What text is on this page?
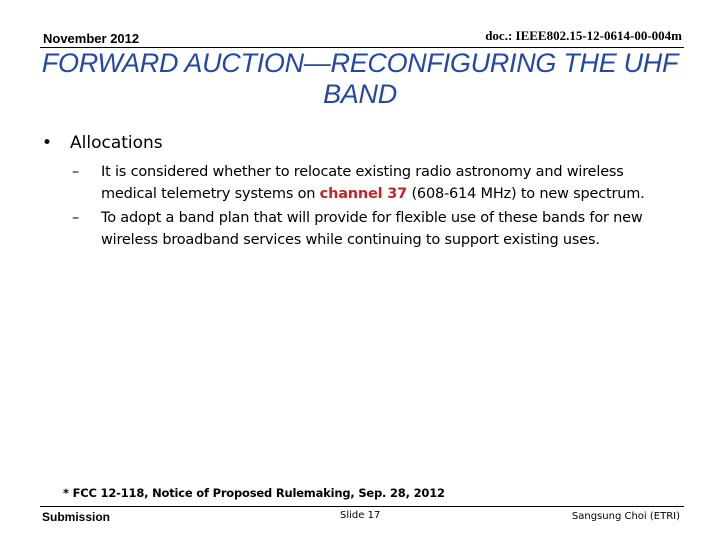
November 2012	doc.: IEEE802.15-12-0614-00-004m
FORWARD AUCTION—RECONFIGURING THE UHF BAND
• Allocations
–	It is considered whether to relocate existing radio astronomy and wireless medical telemetry systems on channel 37 (608-614 MHz) to new spectrum.
–	To adopt a band plan that will provide for flexible use of these bands for new wireless broadband services while continuing to support existing uses.
* FCC 12-118, Notice of Proposed Rulemaking, Sep. 28, 2012
Submission	Slide 17	Sangsung Choi (ETRI)
